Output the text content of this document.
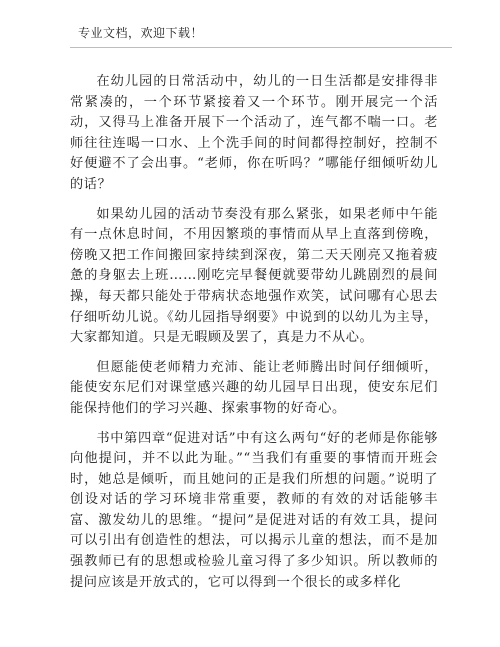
专业文档，欢迎下载！

在幼儿园的日常活动中，幼儿的一日生活都是安排得非常紧凑的，一个环节紧接着又一个环节。刚开展完一个活动，又得马上准备开展下一个活动了，连气都不喘一口。老师往往连喝一口水、上个洗手间的时间都得控制好，控制不好便避不了会出事。“老师，你在听吗？”哪能仔细倾听幼儿的话？

如果幼儿园的活动节奏没有那么紧张，如果老师中午能有一点休息时间，不用因繁琐的事情而从早上直落到傍晚，傍晚又把工作间搬回家持续到深夜，第二天天刚亮又拖着疲惫的身躯去上班……刚吃完早餐便就要带幼儿跳剧烈的晨间操，每天都只能处于带病状态地强作欢笑，试问哪有心思去仔细听幼儿说。《幼儿园指导纲要》中说到的以幼儿为主导，大家都知道。只是无暇顾及罢了，真是力不从心。

但愿能使老师精力充沛、能让老师腾出时间仔细倾听，能使安东尼们对课堂感兴趣的幼儿园早日出现，使安东尼们能保持他们的学习兴趣、探索事物的好奇心。

书中第四章“促进对话”中有这么两句“好的老师是你能够向他提问，并不以此为耻。”“当我们有重要的事情而开班会时，她总是倾听，而且她问的正是我们所想的问题。”说明了创设对话的学习环境非常重要，教师的有效的对话能够丰富、激发幼儿的思维。“提问”是促进对话的有效工具，提问可以引出有创造性的想法，可以揭示儿童的想法，而不是加强教师已有的思想或检验儿童习得了多少知识。所以教师的提问应该是开放式的，它可以得到一个很长的或多样化
